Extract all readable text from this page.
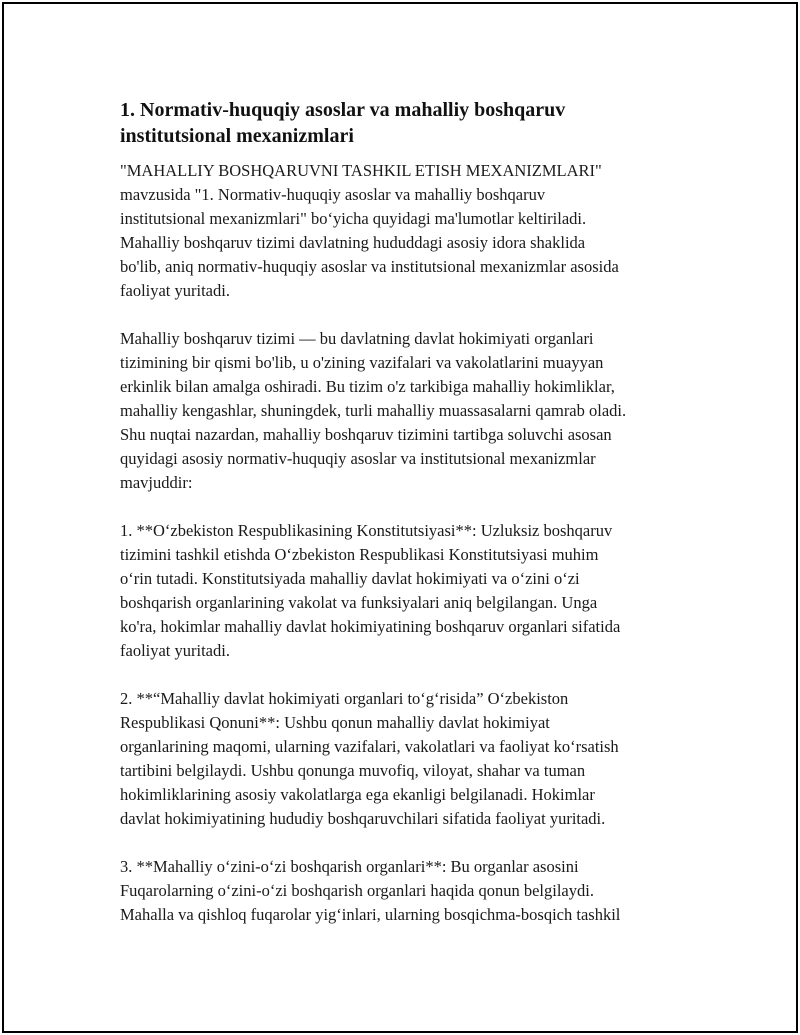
1. Normativ-huquqiy asoslar va mahalliy boshqaruv
institutsional mexanizmlari

"MAHALLIY BOSHQARUVNI TASHKIL ETISH MEXANIZMLARI"
mavzusida "1. Normativ-huquqiy asoslar va mahalliy boshqaruv
institutsional mexanizmlari" bo‘yicha quyidagi ma'lumotlar keltiriladi.
Mahalliy boshqaruv tizimi davlatning hududdagi asosiy idora shaklida
bo'lib, aniq normativ-huquqiy asoslar va institutsional mexanizmlar asosida
faoliyat yuritadi.

Mahalliy boshqaruv tizimi — bu davlatning davlat hokimiyati organlari
tizimining bir qismi bo'lib, u o'zining vazifalari va vakolatlarini muayyan
erkinlik bilan amalga oshiradi. Bu tizim o'z tarkibiga mahalliy hokimliklar,
mahalliy kengashlar, shuningdek, turli mahalliy muassasalarni qamrab oladi.
Shu nuqtai nazardan, mahalliy boshqaruv tizimini tartibga soluvchi asosan
quyidagi asosiy normativ-huquqiy asoslar va institutsional mexanizmlar
mavjuddir:

1. **O‘zbekiston Respublikasining Konstitutsiyasi**: Uzluksiz boshqaruv
tizimini tashkil etishda O‘zbekiston Respublikasi Konstitutsiyasi muhim
o‘rin tutadi. Konstitutsiyada mahalliy davlat hokimiyati va o‘zini o‘zi
boshqarish organlarining vakolat va funksiyalari aniq belgilangan. Unga
ko'ra, hokimlar mahalliy davlat hokimiyatining boshqaruv organlari sifatida
faoliyat yuritadi.

2. **“Mahalliy davlat hokimiyati organlari to‘g‘risida” O‘zbekiston
Respublikasi Qonuni**: Ushbu qonun mahalliy davlat hokimiyat
organlarining maqomi, ularning vazifalari, vakolatlari va faoliyat ko‘rsatish
tartibini belgilaydi. Ushbu qonunga muvofiq, viloyat, shahar va tuman
hokimliklarining asosiy vakolatlarga ega ekanligi belgilanadi. Hokimlar
davlat hokimiyatining hududiy boshqaruvchilari sifatida faoliyat yuritadi.

3. **Mahalliy o‘zini-o‘zi boshqarish organlari**: Bu organlar asosini
Fuqarolarning o‘zini-o‘zi boshqarish organlari haqida qonun belgilaydi.
Mahalla va qishloq fuqarolar yig‘inlari, ularning bosqichma-bosqich tashkil
